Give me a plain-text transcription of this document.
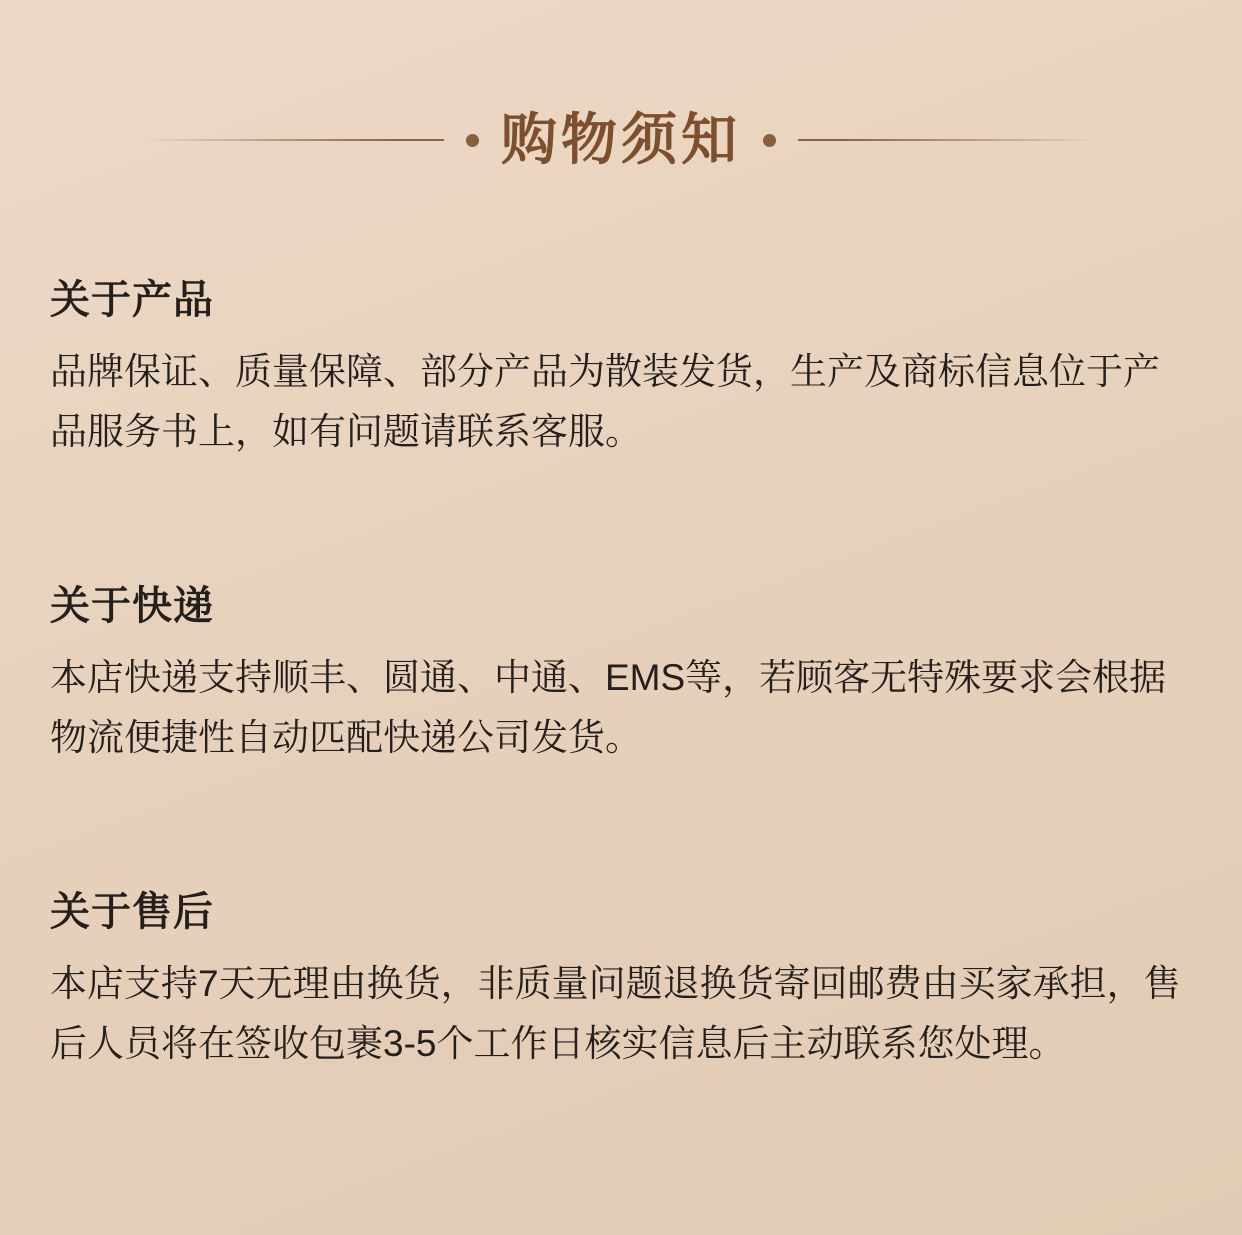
购物须知
关于产品

品牌保证、质量保障、部分产品为散装发货，生产及商标信息位于产品服务书上，如有问题请联系客服。

关于快递

本店快递支持顺丰、圆通、中通、EMS等，若顾客无特殊要求会根据物流便捷性自动匹配快递公司发货。

关于售后

本店支持7天无理由换货，非质量问题退换货寄回邮费由买家承担，售后人员将在签收包裹3-5个工作日核实信息后主动联系您处理。
